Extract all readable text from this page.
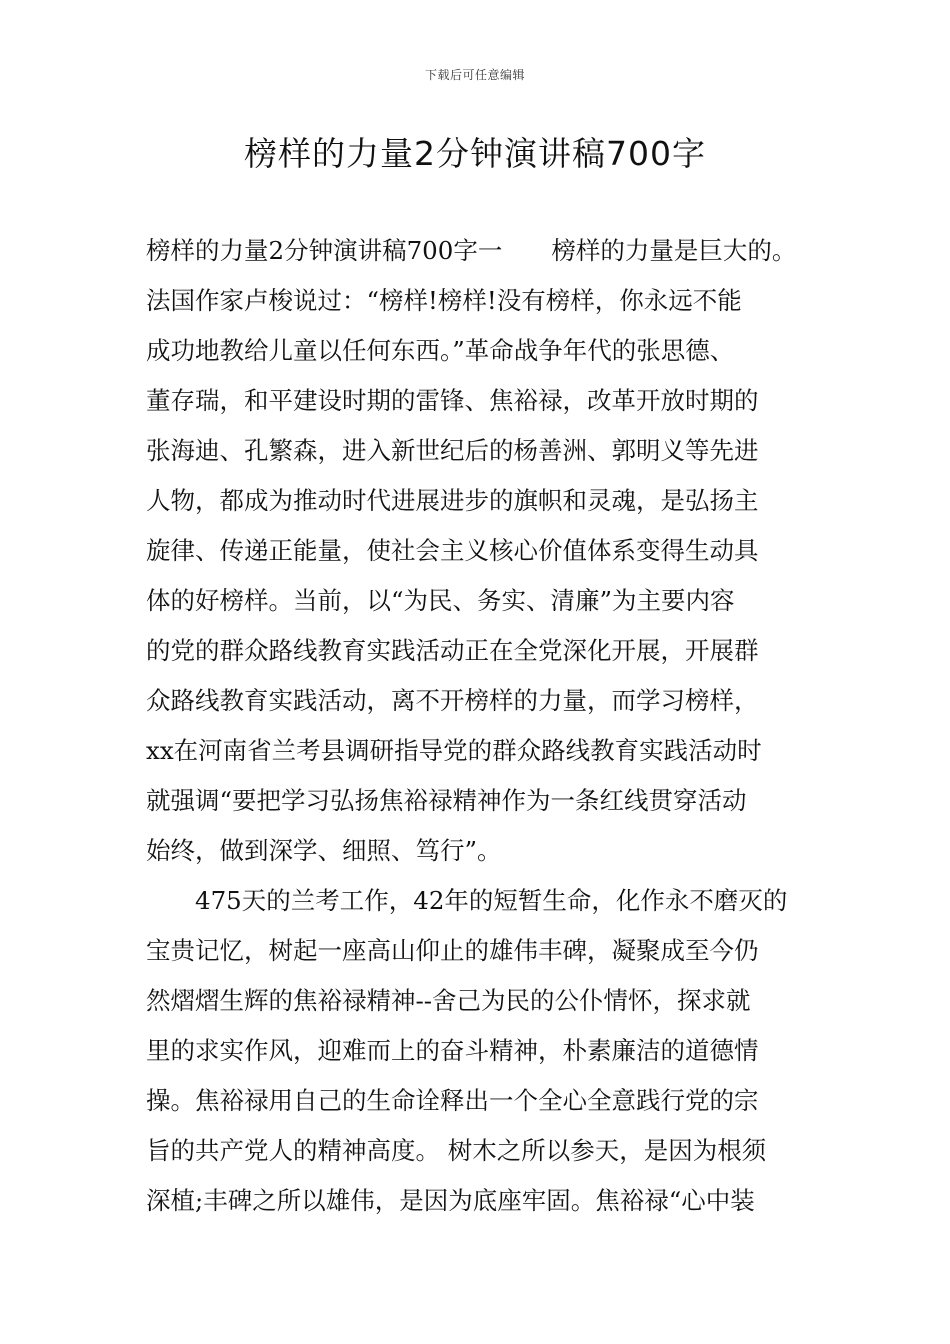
下载后可任意编辑
榜样的力量2分钟演讲稿700字
榜样的力量2分钟演讲稿700字一　　榜样的力量是巨大的。
法国作家卢梭说过：“榜样!榜样!没有榜样，你永远不能
成功地教给儿童以任何东西。”革命战争年代的张思德、
董存瑞，和平建设时期的雷锋、焦裕禄，改革开放时期的
张海迪、孔繁森，进入新世纪后的杨善洲、郭明义等先进
人物，都成为推动时代进展进步的旗帜和灵魂，是弘扬主
旋律、传递正能量，使社会主义核心价值体系变得生动具
体的好榜样。当前，以“为民、务实、清廉”为主要内容
的党的群众路线教育实践活动正在全党深化开展，开展群
众路线教育实践活动，离不开榜样的力量，而学习榜样，
xx在河南省兰考县调研指导党的群众路线教育实践活动时
就强调“要把学习弘扬焦裕禄精神作为一条红线贯穿活动
始终，做到深学、细照、笃行”。
　　475天的兰考工作，42年的短暂生命，化作永不磨灭的
宝贵记忆，树起一座高山仰止的雄伟丰碑，凝聚成至今仍
然熠熠生辉的焦裕禄精神--舍己为民的公仆情怀，探求就
里的求实作风，迎难而上的奋斗精神，朴素廉洁的道德情
操。焦裕禄用自己的生命诠释出一个全心全意践行党的宗
旨的共产党人的精神高度。 树木之所以参天，是因为根须
深植;丰碑之所以雄伟，是因为底座牢固。焦裕禄“心中装
